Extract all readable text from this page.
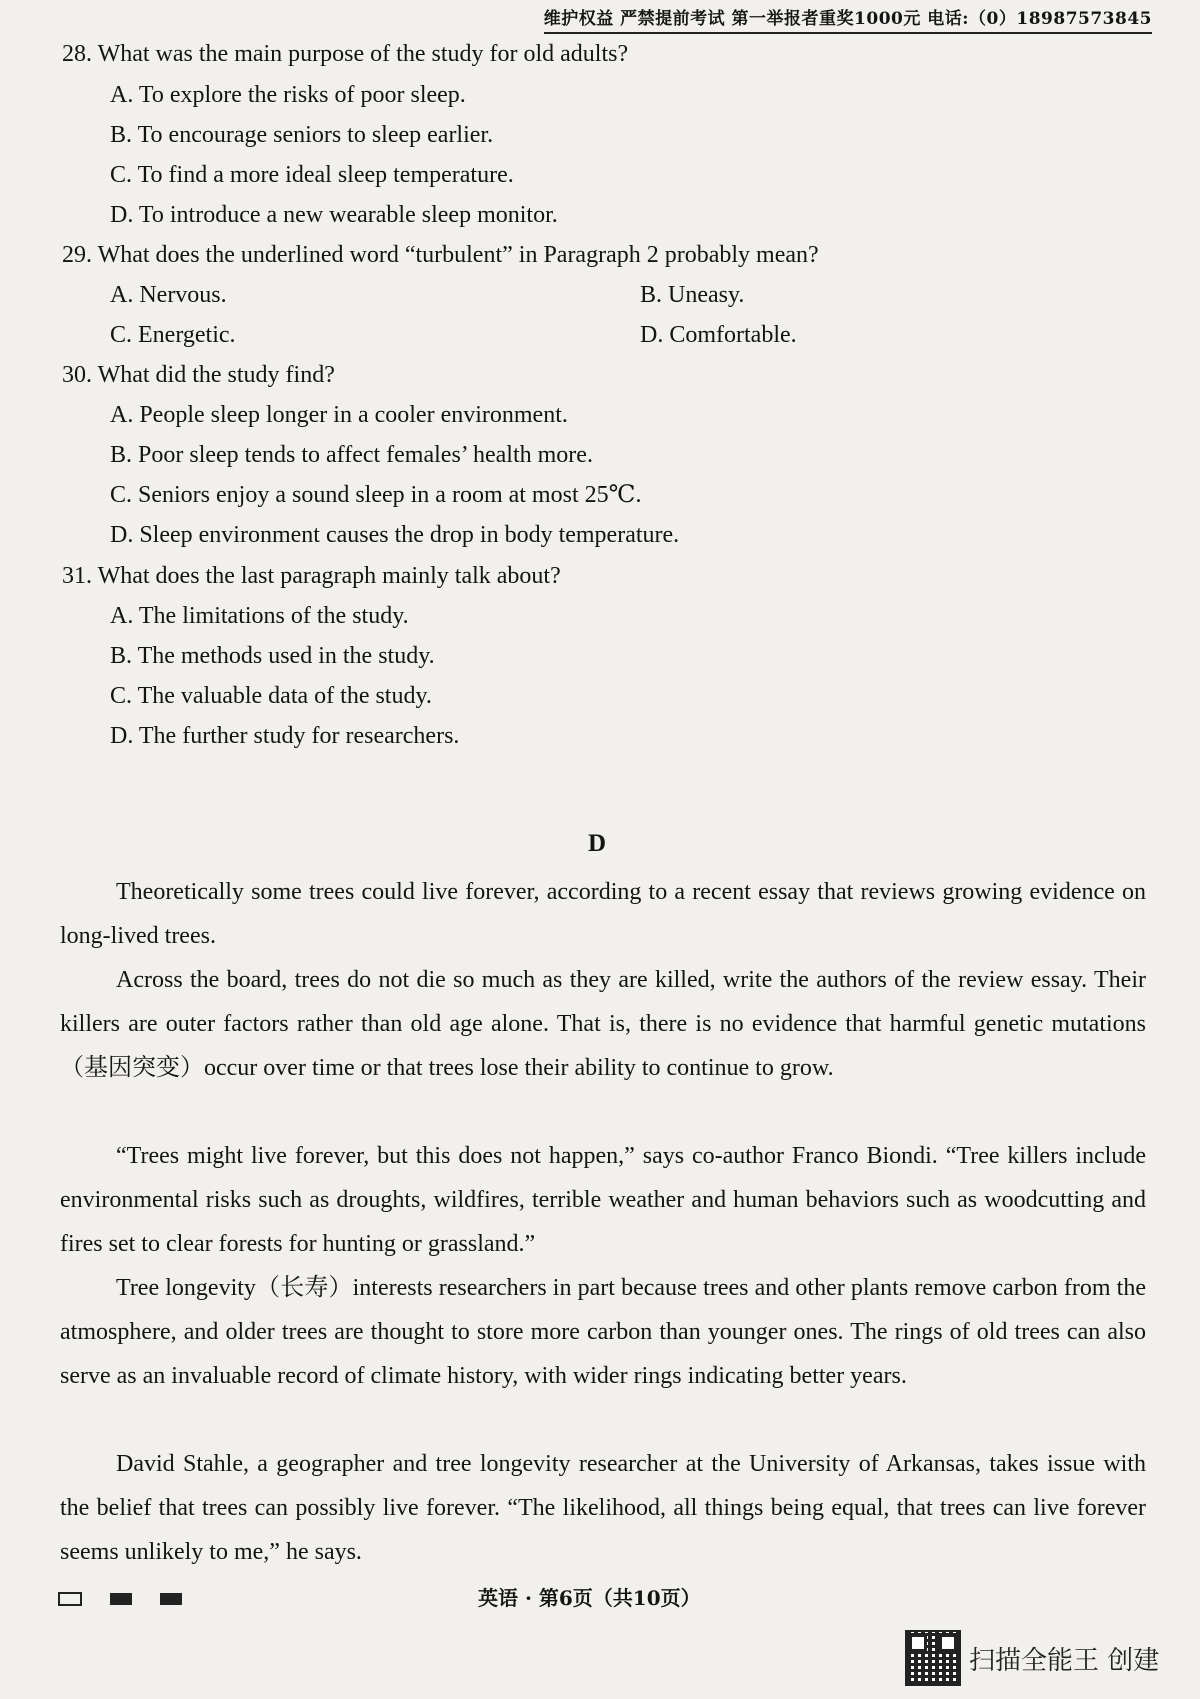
维护权益 严禁提前考试 第一举报者重奖1000元 电话:（0）18987573845
28. What was the main purpose of the study for old adults?
A. To explore the risks of poor sleep.
B. To encourage seniors to sleep earlier.
C. To find a more ideal sleep temperature.
D. To introduce a new wearable sleep monitor.
29. What does the underlined word “turbulent” in Paragraph 2 probably mean?
A. Nervous.	B. Uneasy.
C. Energetic.	D. Comfortable.
30. What did the study find?
A. People sleep longer in a cooler environment.
B. Poor sleep tends to affect females’ health more.
C. Seniors enjoy a sound sleep in a room at most 25℃.
D. Sleep environment causes the drop in body temperature.
31. What does the last paragraph mainly talk about?
A. The limitations of the study.
B. The methods used in the study.
C. The valuable data of the study.
D. The further study for researchers.
D
Theoretically some trees could live forever, according to a recent essay that reviews growing evidence on long-lived trees.
Across the board, trees do not die so much as they are killed, write the authors of the review essay. Their killers are outer factors rather than old age alone. That is, there is no evidence that harmful genetic mutations（基因突变）occur over time or that trees lose their ability to continue to grow.
“Trees might live forever, but this does not happen,” says co-author Franco Biondi. “Tree killers include environmental risks such as droughts, wildfires, terrible weather and human behaviors such as woodcutting and fires set to clear forests for hunting or grassland.”
Tree longevity（长寿）interests researchers in part because trees and other plants remove carbon from the atmosphere, and older trees are thought to store more carbon than younger ones. The rings of old trees can also serve as an invaluable record of climate history, with wider rings indicating better years.
David Stahle, a geographer and tree longevity researcher at the University of Arkansas, takes issue with the belief that trees can possibly live forever. “The likelihood, all things being equal, that trees can live forever seems unlikely to me,” he says.
英语 · 第6页（共10页）
扫描全能王 创建
